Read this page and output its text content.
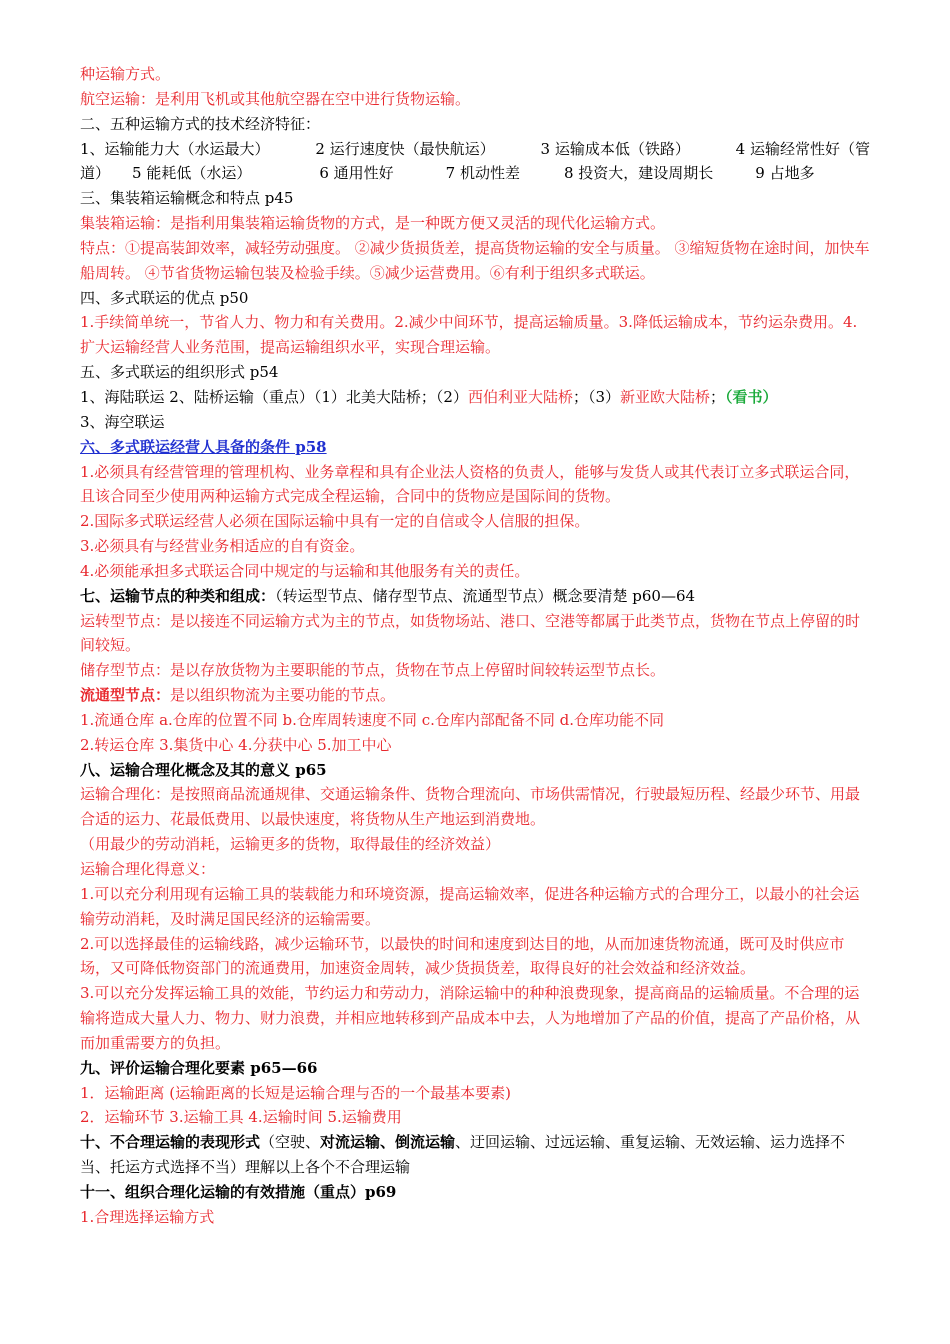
种运输方式。
航空运输：是利用飞机或其他航空器在空中进行货物运输。
二、五种运输方式的技术经济特征：
1、运输能力大（水运最大）	2 运行速度快（最快航运）	3 运输成本低（铁路）	4 运输经常性好（管
道） 5 能耗低（水运）	6 通用性好	7 机动性差	8 投资大，建设周期长	9 占地多
三、集装箱运输概念和特点 p45
集装箱运输：是指利用集装箱运输货物的方式，是一种既方便又灵活的现代化运输方式。
特点：①提高装卸效率，减轻劳动强度。 ②减少货损货差，提高货物运输的安全与质量。 ③缩短货物在途时间，加快车船周转。 ④节省货物运输包装及检验手续。⑤减少运营费用。⑥有利于组织多式联运。
四、多式联运的优点 p50
1.手续简单统一，节省人力、物力和有关费用。2.减少中间环节，提高运输质量。3.降低运输成本，节约运杂费用。4.扩大运输经营人业务范围，提高运输组织水平，实现合理运输。
五、多式联运的组织形式 p54
1、海陆联运 2、陆桥运输（重点）（1）北美大陆桥；（2）西伯利亚大陆桥；（3）新亚欧大陆桥；（看书）
3、海空联运
六、多式联运经营人具备的条件 p58
1.必须具有经营管理的管理机构、业务章程和具有企业法人资格的负责人，能够与发货人或其代表订立多式联运合同，且该合同至少使用两种运输方式完成全程运输，合同中的货物应是国际间的货物。
2.国际多式联运经营人必须在国际运输中具有一定的自信或令人信服的担保。
3.必须具有与经营业务相适应的自有资金。
4.必须能承担多式联运合同中规定的与运输和其他服务有关的责任。
七、运输节点的种类和组成：（转运型节点、储存型节点、流通型节点）概念要清楚 p60—64
运转型节点：是以接连不同运输方式为主的节点，如货物场站、港口、空港等都属于此类节点，货物在节点上停留的时间较短。
储存型节点：是以存放货物为主要职能的节点，货物在节点上停留时间较转运型节点长。
流通型节点：是以组织物流为主要功能的节点。
1.流通仓库 a.仓库的位置不同 b.仓库周转速度不同 c.仓库内部配备不同 d.仓库功能不同
2.转运仓库 3.集货中心 4.分获中心 5.加工中心
八、运输合理化概念及其的意义 p65
运输合理化：是按照商品流通规律、交通运输条件、货物合理流向、市场供需情况，行驶最短历程、经最少环节、用最合适的运力、花最低费用、以最快速度，将货物从生产地运到消费地。
（用最少的劳动消耗，运输更多的货物，取得最佳的经济效益）
运输合理化得意义：
1.可以充分利用现有运输工具的装载能力和环境资源，提高运输效率，促进各种运输方式的合理分工，以最小的社会运输劳动消耗，及时满足国民经济的运输需要。
2.可以选择最佳的运输线路，减少运输环节，以最快的时间和速度到达目的地，从而加速货物流通，既可及时供应市场，又可降低物资部门的流通费用，加速资金周转，减少货损货差，取得良好的社会效益和经济效益。
3.可以充分发挥运输工具的效能，节约运力和劳动力，消除运输中的种种浪费现象，提高商品的运输质量。不合理的运输将造成大量人力、物力、财力浪费，并相应地转移到产品成本中去，人为地增加了产品的价值，提高了产品价格，从而加重需要方的负担。
九、评价运输合理化要素 p65—66
1．运输距离 (运输距离的长短是运输合理与否的一个最基本要素)
2．运输环节 3.运输工具 4.运输时间 5.运输费用
十、不合理运输的表现形式（空驶、对流运输、倒流运输、迂回运输、过远运输、重复运输、无效运输、运力选择不当、托运方式选择不当）理解以上各个不合理运输
十一、组织合理化运输的有效措施（重点）p69
1.合理选择运输方式
